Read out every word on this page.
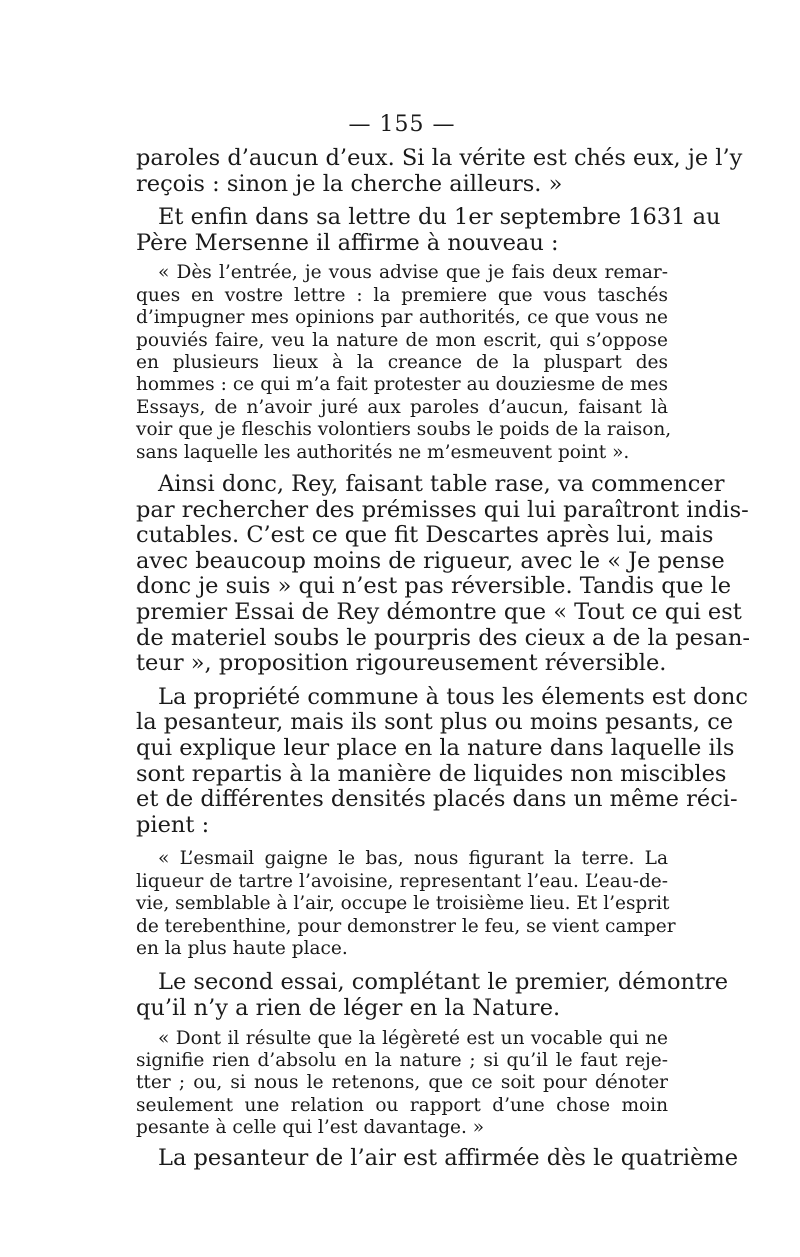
— 155 —

paroles d’aucun d’eux. Si la vérite est chés eux, je l’y
reçois : sinon je la cherche ailleurs. »

Et enfin dans sa lettre du 1er septembre 1631 au
Père Mersenne il affirme à nouveau :

« Dès l’entrée, je vous advise que je fais deux remar-
ques en vostre lettre : la premiere que vous taschés
d’impugner mes opinions par authorités, ce que vous ne
pouviés faire, veu la nature de mon escrit, qui s’oppose
en plusieurs lieux à la creance de la pluspart des
hommes : ce qui m’a fait protester au douziesme de mes
Essays, de n’avoir juré aux paroles d’aucun, faisant là
voir que je fleschis volontiers soubs le poids de la raison,
sans laquelle les authorités ne m’esmeuvent point ».

Ainsi donc, Rey, faisant table rase, va commencer
par rechercher des prémisses qui lui paraîtront indis-
cutables. C’est ce que fit Descartes après lui, mais
avec beaucoup moins de rigueur, avec le « Je pense
donc je suis » qui n’est pas réversible. Tandis que le
premier Essai de Rey démontre que « Tout ce qui est
de materiel soubs le pourpris des cieux a de la pesan-
teur », proposition rigoureusement réversible.

La propriété commune à tous les élements est donc
la pesanteur, mais ils sont plus ou moins pesants, ce
qui explique leur place en la nature dans laquelle ils
sont repartis à la manière de liquides non miscibles
et de différentes densités placés dans un même réci-
pient :

« L’esmail gaigne le bas, nous figurant la terre. La
liqueur de tartre l’avoisine, representant l’eau. L’eau-de-
vie, semblable à l’air, occupe le troisième lieu. Et l’esprit
de terebenthine, pour demonstrer le feu, se vient camper
en la plus haute place.

Le second essai, complétant le premier, démontre
qu’il n’y a rien de léger en la Nature.

« Dont il résulte que la légèreté est un vocable qui ne
signifie rien d’absolu en la nature ; si qu’il le faut reje-
tter ; ou, si nous le retenons, que ce soit pour dénoter
seulement une relation ou rapport d’une chose moin
pesante à celle qui l’est davantage. »

La pesanteur de l’air est affirmée dès le quatrième
